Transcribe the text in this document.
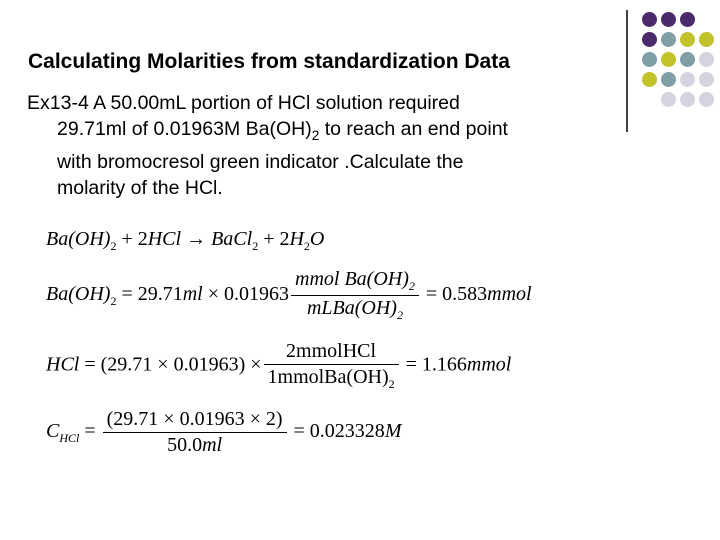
Calculating Molarities from standardization Data
Ex13-4 A 50.00mL portion of HCl solution required
29.71ml of 0.01963M $Ba(OH)_2$ to reach an end point
with bromocresol green indicator .Calculate the
molarity of the HCl.
$Ba(OH)_2 + 2HCl$ → BaCl$_2$ + $2H_2O$
$Ba(OH)_2 = 29.71ml \times 0.01963 \frac{mmol Ba(OH)_2}{mLBa(OH)_2}$ = 0.583mmol
HCl = $(29.71 \times 0.01963) \times \frac{\text{2mmolHCl}}{1mmolBa(OH)_2}$ = 1.166mmol
$C_{HCl} = \frac{(29.71 \times 0.01963 \times 2)}{50.0ml} = 0.023328M$
